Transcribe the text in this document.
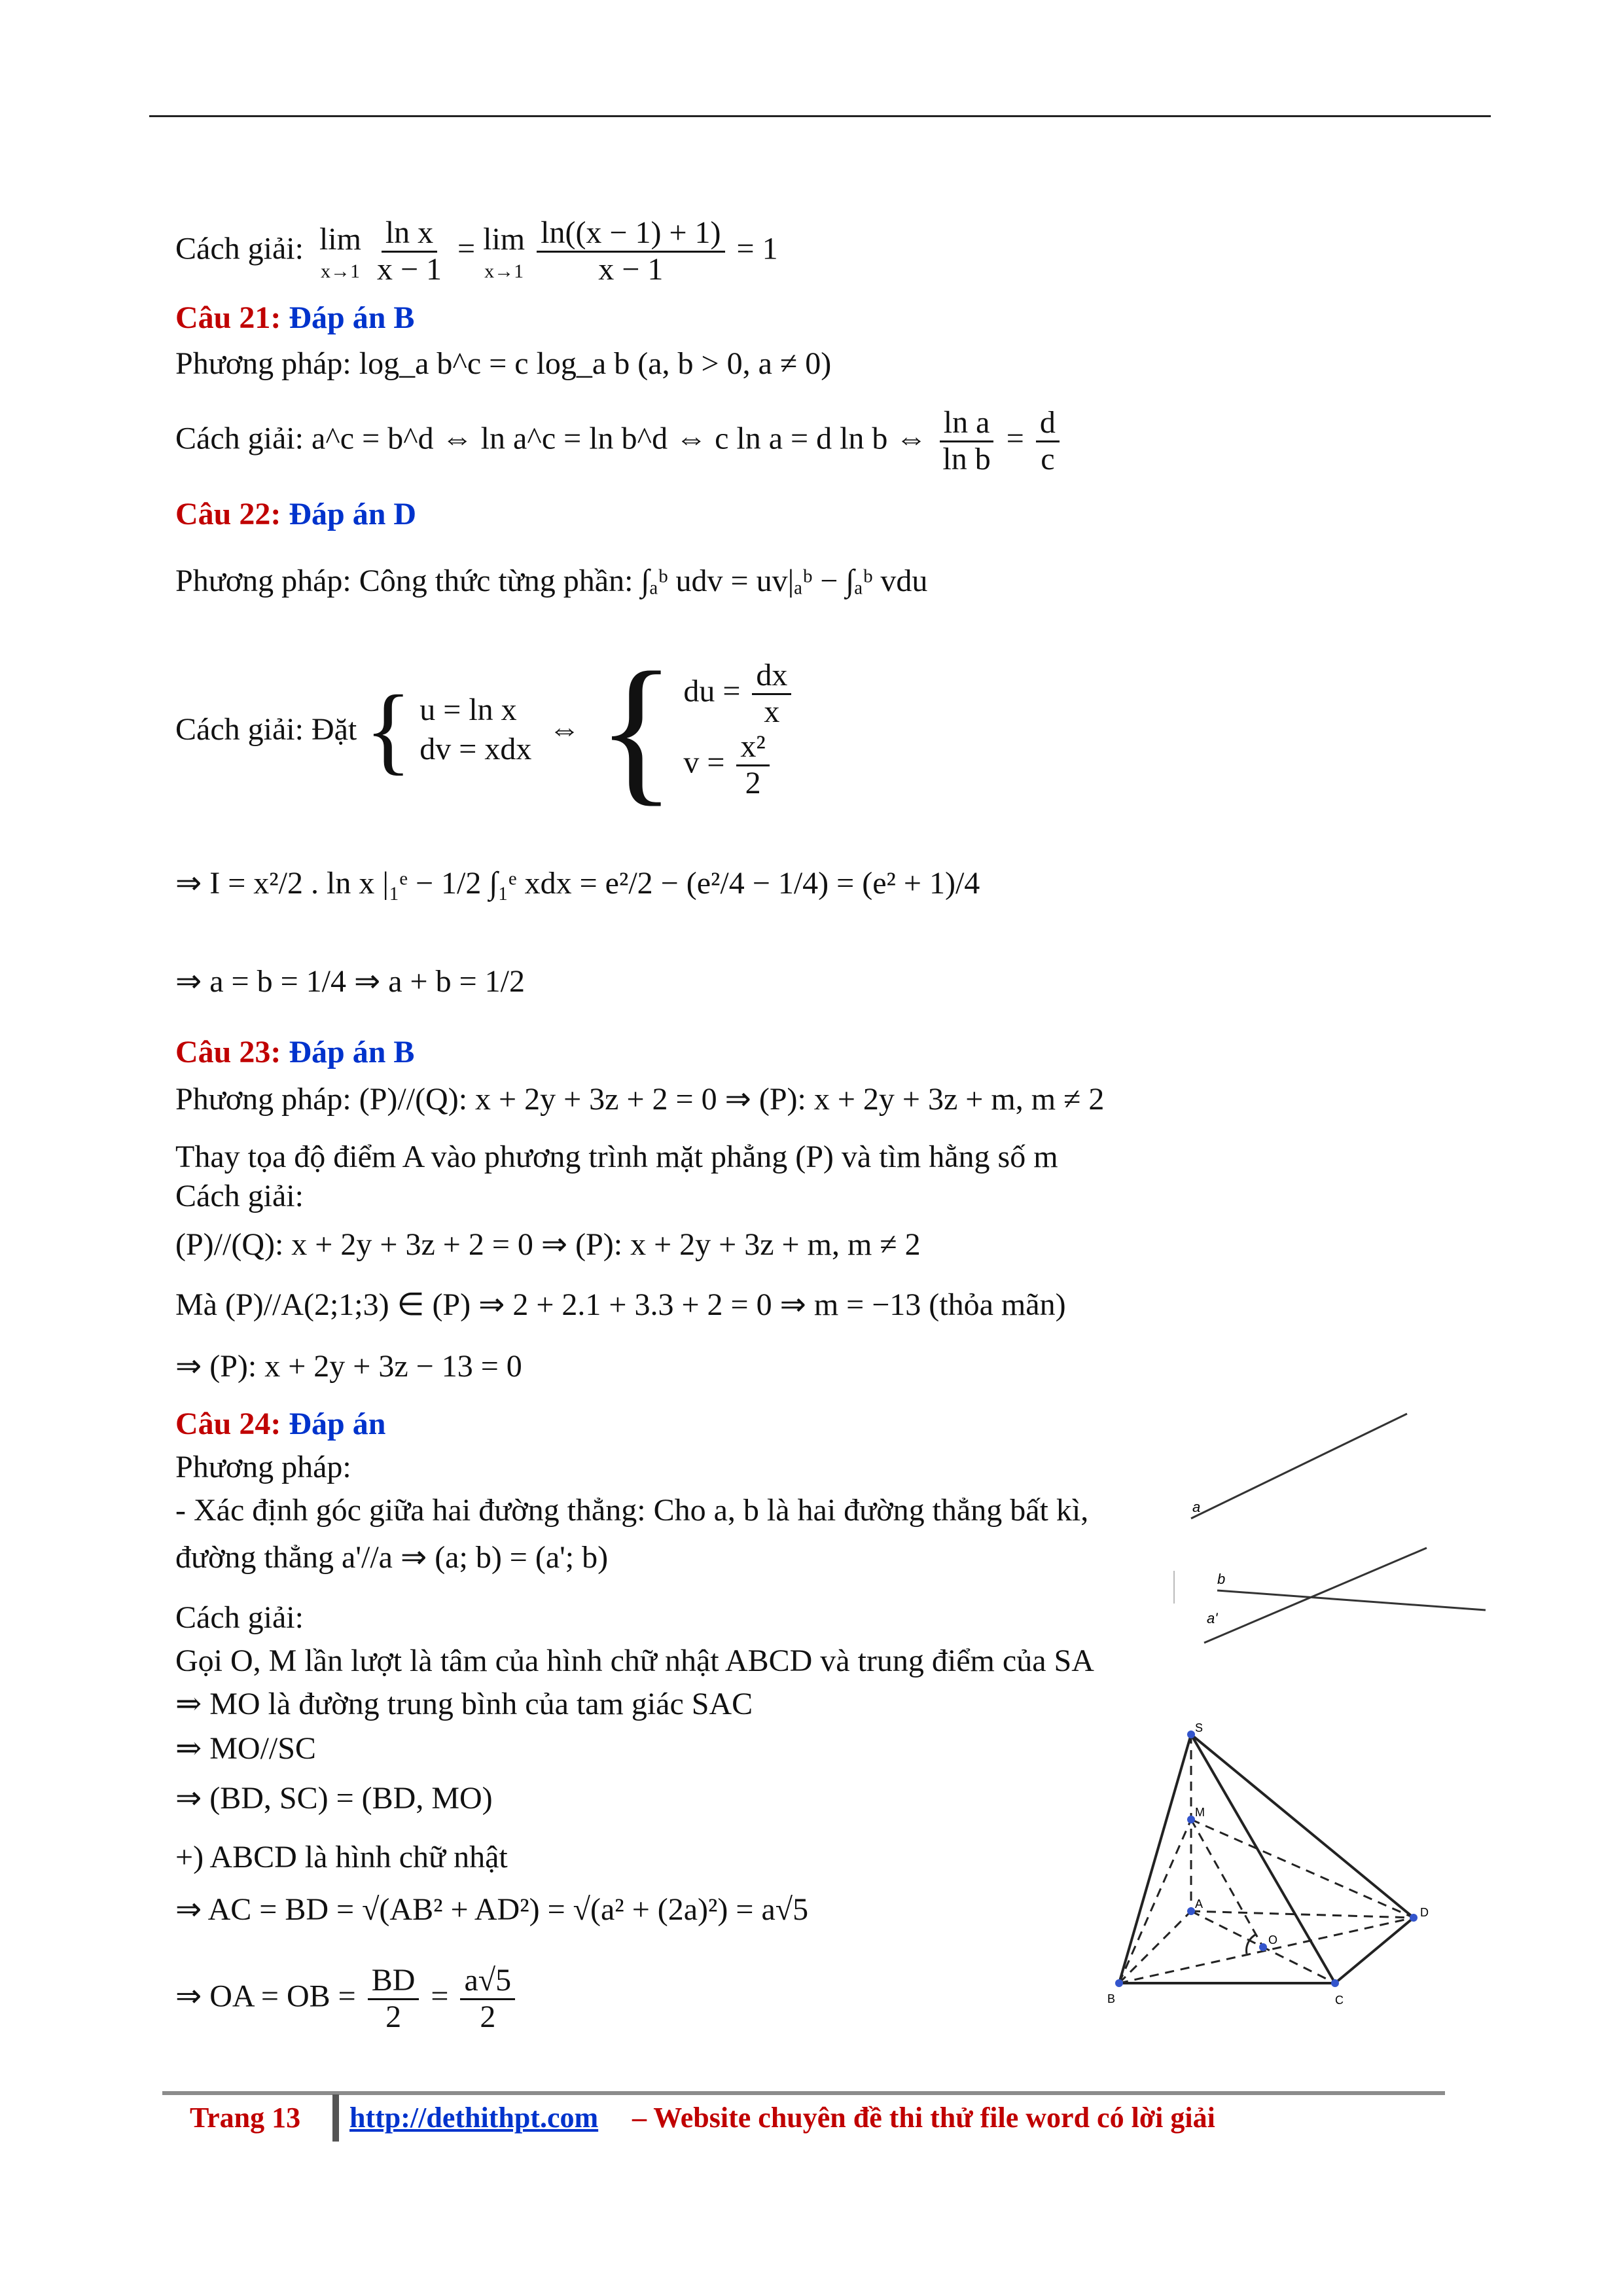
Cách giải: lim
x→1
$\frac{\text{ln x}}{x - 1} = \lim$
x→1
$\frac{\ln((x - 1) + 1)}{x - 1} = 1$
Câu 21: Đáp án B
Phương pháp: log_a b^c = c log_a b (a, b > 0, a ≠ 0)
Cách giải: a^c = b^d ⇔ ln a^c = ln b^d ⇔ c ln a = d ln b ⇔ $\frac{\text{ln a}}{\text{ln b}} = \frac{d}{c}$
Câu 22: Đáp án D
Phương pháp: Công thức từng phần: ∫ₐᵇ udv = uv|ₐᵇ − ∫ₐᵇ vdu
Cách giải: Đặt { u = ln x
dv = xdx
⇔ { du = $\frac{dx}{x}$
$v = \frac{\text{x²}}{2}$
⇒ I = x²/2 . ln x |₁ᵉ − 1/2 ∫₁ᵉ xdx = e²/2 − (e²/4 − 1/4) = (e² + 1)/4
⇒ a = b = 1/4 ⇒ a + b = 1/2
Câu 23: Đáp án B
Phương pháp: (P)//(Q): x + 2y + 3z + 2 = 0 ⇒ (P): x + 2y + 3z + m, m ≠ 2
Thay tọa độ điểm A vào phương trình mặt phẳng (P) và tìm hằng số m
Cách giải:
(P)//(Q): x + 2y + 3z + 2 = 0 ⇒ (P): x + 2y + 3z + m, m ≠ 2
Mà (P)//A(2;1;3) ∈ (P) ⇒ 2 + 2.1 + 3.3 + 2 = 0 ⇒ m = −13 (thỏa mãn)
⇒ (P): x + 2y + 3z − 13 = 0
Câu 24: Đáp án
Phương pháp:
- Xác định góc giữa hai đường thẳng: Cho a, b là hai đường thẳng bất kì,
đường thẳng a'//a ⇒ (a; b) = (a'; b)
Cách giải:
Gọi O, M lần lượt là tâm của hình chữ nhật ABCD và trung điểm của SA
⇒ MO là đường trung bình của tam giác SAC
⇒ MO//SC
⇒ (BD, SC) = (BD, MO)
+) ABCD là hình chữ nhật
⇒ AC = BD = √(AB² + AD²) = √(a² + (2a)²) = a√5
⇒ OA = OB = $\frac{BD}{2} = \frac{a√5}{2}$
a
b
a'
S
M
A
O
B	C
D
Trang 13 http://dethithpt.com – Website chuyên đề thi thử file word có lời giải
